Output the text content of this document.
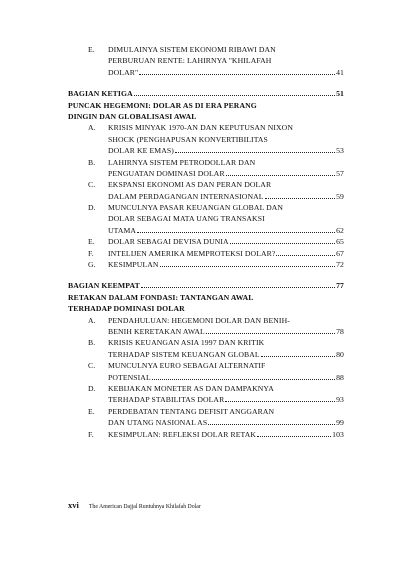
E.	DIMULAINYA SISTEM EKONOMI RIBAWI DAN
PERBURUAN RENTE: LAHIRNYA "KHILAFAH
DOLAR"	41
BAGIAN KETIGA	51
PUNCAK HEGEMONI: DOLAR AS DI ERA PERANG
DINGIN DAN GLOBALISASI AWAL
A.	KRISIS MINYAK 1970-AN DAN KEPUTUSAN NIXON
SHOCK (PENGHAPUSAN KONVERTIBILITAS
DOLAR KE EMAS)	53
B.	LAHIRNYA SISTEM PETRODOLLAR DAN
PENGUATAN DOMINASI DOLAR	57
C.	EKSPANSI EKONOMI AS DAN PERAN DOLAR
DALAM PERDAGANGAN INTERNASIONAL	59
D.	MUNCULNYA PASAR KEUANGAN GLOBAL DAN
DOLAR SEBAGAI MATA UANG TRANSAKSI
UTAMA	62
E.	DOLAR SEBAGAI DEVISA DUNIA	65
F.	INTELIJEN AMERIKA MEMPROTEKSI DOLAR?	67
G.	KESIMPULAN	72
BAGIAN KEEMPAT	77
RETAKAN DALAM FONDASI: TANTANGAN AWAL
TERHADAP DOMINASI DOLAR
A.	PENDAHULUAN: HEGEMONI DOLAR DAN BENIH-
BENIH KERETAKAN AWAL	78
B.	KRISIS KEUANGAN ASIA 1997 DAN KRITIK
TERHADAP SISTEM KEUANGAN GLOBAL	80
C.	MUNCULNYA EURO SEBAGAI ALTERNATIF
POTENSIAL	88
D.	KEBIJAKAN MONETER AS DAN DAMPAKNYA
TERHADAP STABILITAS DOLAR	93
E.	PERDEBATAN TENTANG DEFISIT ANGGARAN
DAN UTANG NASIONAL AS	99
F.	KESIMPULAN: REFLEKSI DOLAR RETAK	103
xvi The American Dajjal Runtuhnya Khilafah Dolar
